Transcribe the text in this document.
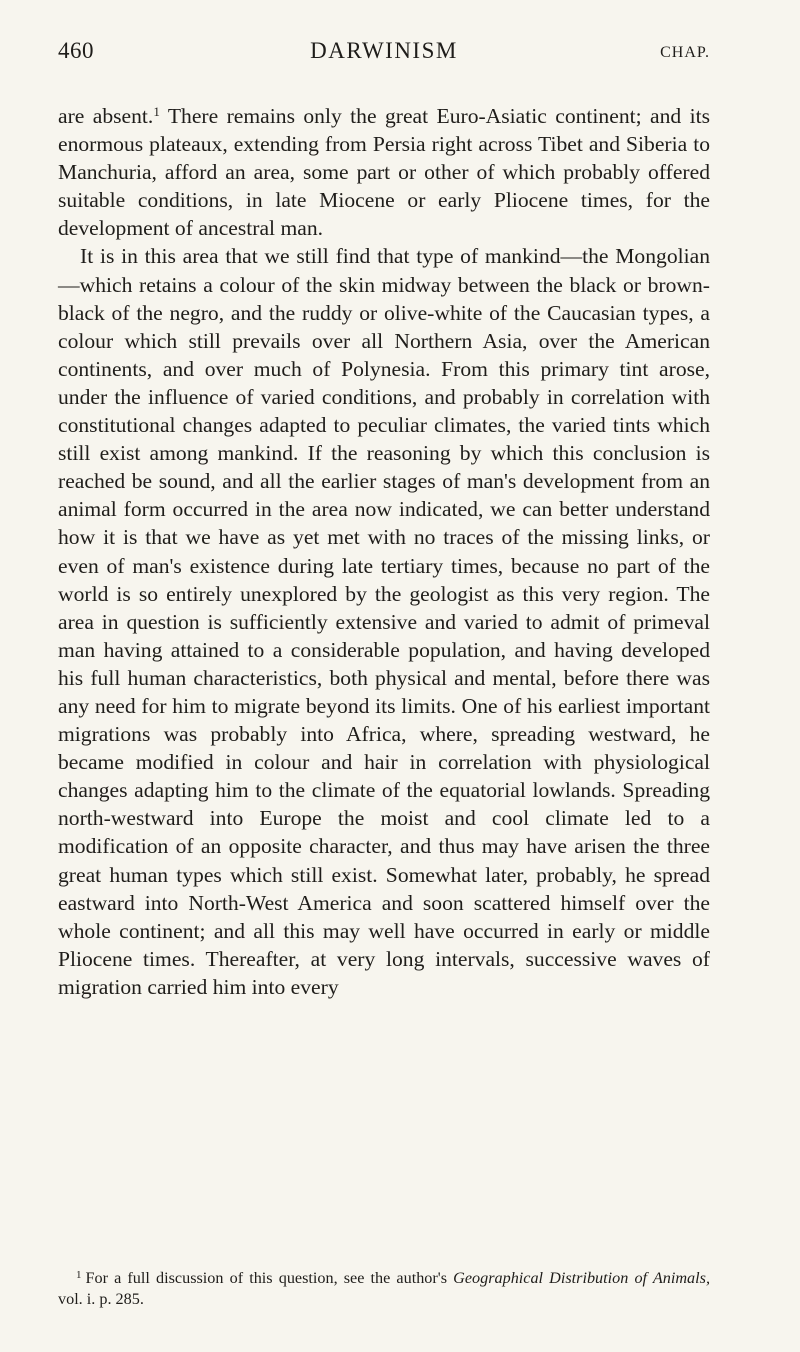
460	DARWINISM	CHAP.

are absent.$^1$ There remains only the great Euro-Asiatic continent; and its enormous plateaux, extending from Persia right across Tibet and Siberia to Manchuria, afford an area, some part or other of which probably offered suitable conditions, in late Miocene or early Pliocene times, for the development of ancestral man.

It is in this area that we still find that type of mankind—the Mongolian—which retains a colour of the skin midway between the black or brown-black of the negro, and the ruddy or olive-white of the Caucasian types, a colour which still prevails over all Northern Asia, over the American continents, and over much of Polynesia. From this primary tint arose, under the influence of varied conditions, and probably in correlation with constitutional changes adapted to peculiar climates, the varied tints which still exist among mankind. If the reasoning by which this conclusion is reached be sound, and all the earlier stages of man's development from an animal form occurred in the area now indicated, we can better understand how it is that we have as yet met with no traces of the missing links, or even of man's existence during late tertiary times, because no part of the world is so entirely unexplored by the geologist as this very region. The area in question is sufficiently extensive and varied to admit of primeval man having attained to a considerable population, and having developed his full human characteristics, both physical and mental, before there was any need for him to migrate beyond its limits. One of his earliest important migrations was probably into Africa, where, spreading westward, he became modified in colour and hair in correlation with physiological changes adapting him to the climate of the equatorial lowlands. Spreading north-westward into Europe the moist and cool climate led to a modification of an opposite character, and thus may have arisen the three great human types which still exist. Somewhat later, probably, he spread eastward into North-West America and soon scattered himself over the whole continent; and all this may well have occurred in early or middle Pliocene times. Thereafter, at very long intervals, successive waves of migration carried him into every

$^1$ For a full discussion of this question, see the author's Geographical Distribution of Animals, vol. i. p. 285.
